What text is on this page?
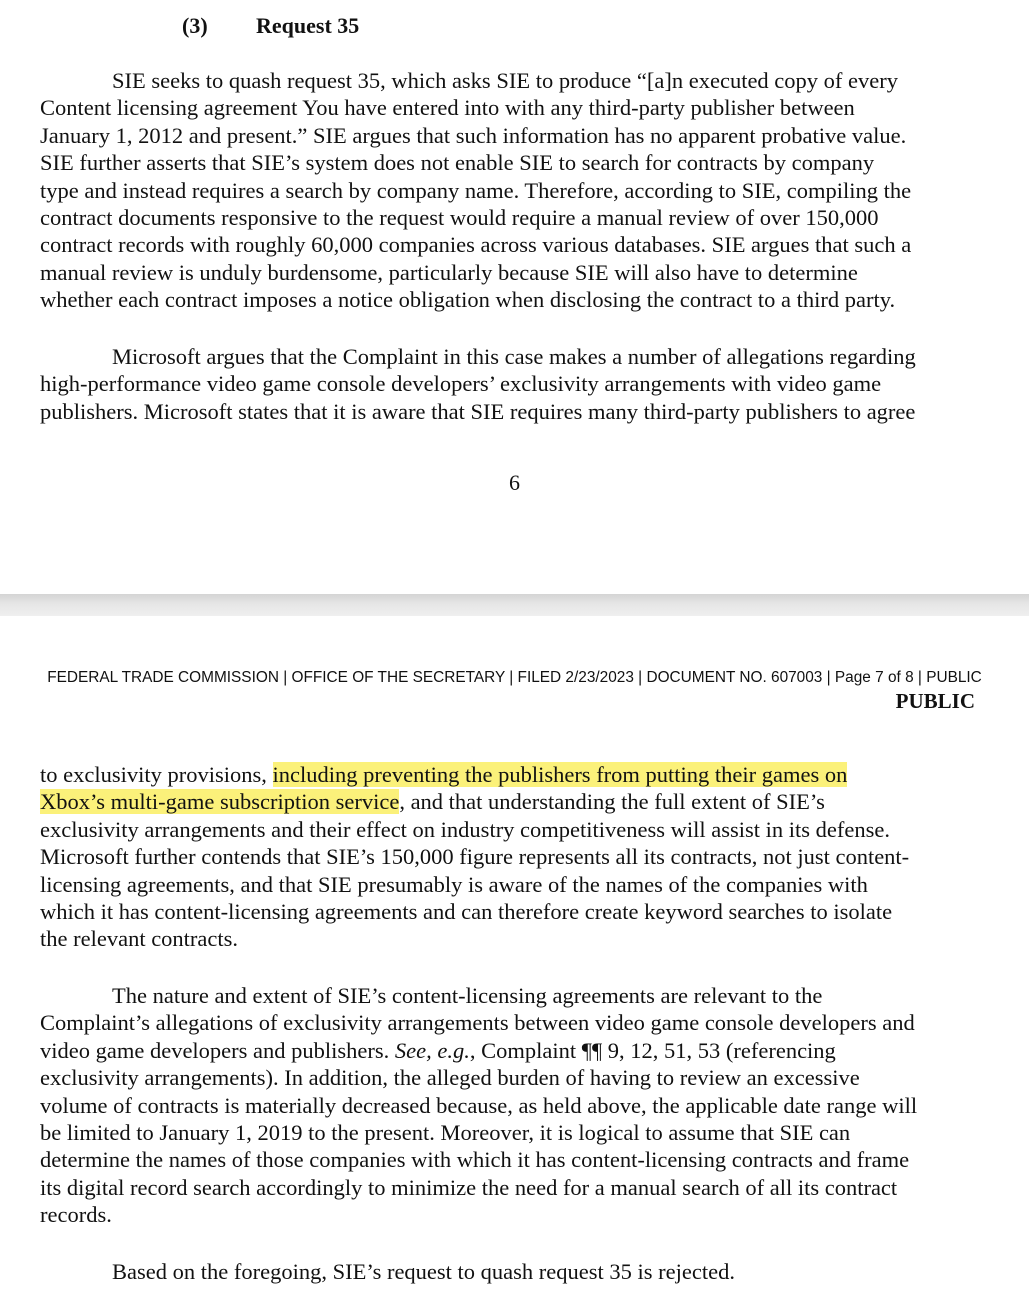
(3) Request 35
SIE seeks to quash request 35, which asks SIE to produce “[a]n executed copy of every
Content licensing agreement You have entered into with any third-party publisher between
January 1, 2012 and present.” SIE argues that such information has no apparent probative value.
SIE further asserts that SIE’s system does not enable SIE to search for contracts by company
type and instead requires a search by company name. Therefore, according to SIE, compiling the
contract documents responsive to the request would require a manual review of over 150,000
contract records with roughly 60,000 companies across various databases. SIE argues that such a
manual review is unduly burdensome, particularly because SIE will also have to determine
whether each contract imposes a notice obligation when disclosing the contract to a third party.
Microsoft argues that the Complaint in this case makes a number of allegations regarding
high-performance video game console developers’ exclusivity arrangements with video game
publishers. Microsoft states that it is aware that SIE requires many third-party publishers to agree
6
FEDERAL TRADE COMMISSION | OFFICE OF THE SECRETARY | FILED 2/23/2023 | DOCUMENT NO. 607003 | Page 7 of 8 | PUBLIC
PUBLIC
to exclusivity provisions, including preventing the publishers from putting their games on
Xbox’s multi-game subscription service, and that understanding the full extent of SIE’s
exclusivity arrangements and their effect on industry competitiveness will assist in its defense.
Microsoft further contends that SIE’s 150,000 figure represents all its contracts, not just content-
licensing agreements, and that SIE presumably is aware of the names of the companies with
which it has content-licensing agreements and can therefore create keyword searches to isolate
the relevant contracts.
The nature and extent of SIE’s content-licensing agreements are relevant to the
Complaint’s allegations of exclusivity arrangements between video game console developers and
video game developers and publishers. See, e.g., Complaint ¶¶ 9, 12, 51, 53 (referencing
exclusivity arrangements). In addition, the alleged burden of having to review an excessive
volume of contracts is materially decreased because, as held above, the applicable date range will
be limited to January 1, 2019 to the present. Moreover, it is logical to assume that SIE can
determine the names of those companies with which it has content-licensing contracts and frame
its digital record search accordingly to minimize the need for a manual search of all its contract
records.
Based on the foregoing, SIE’s request to quash request 35 is rejected.
